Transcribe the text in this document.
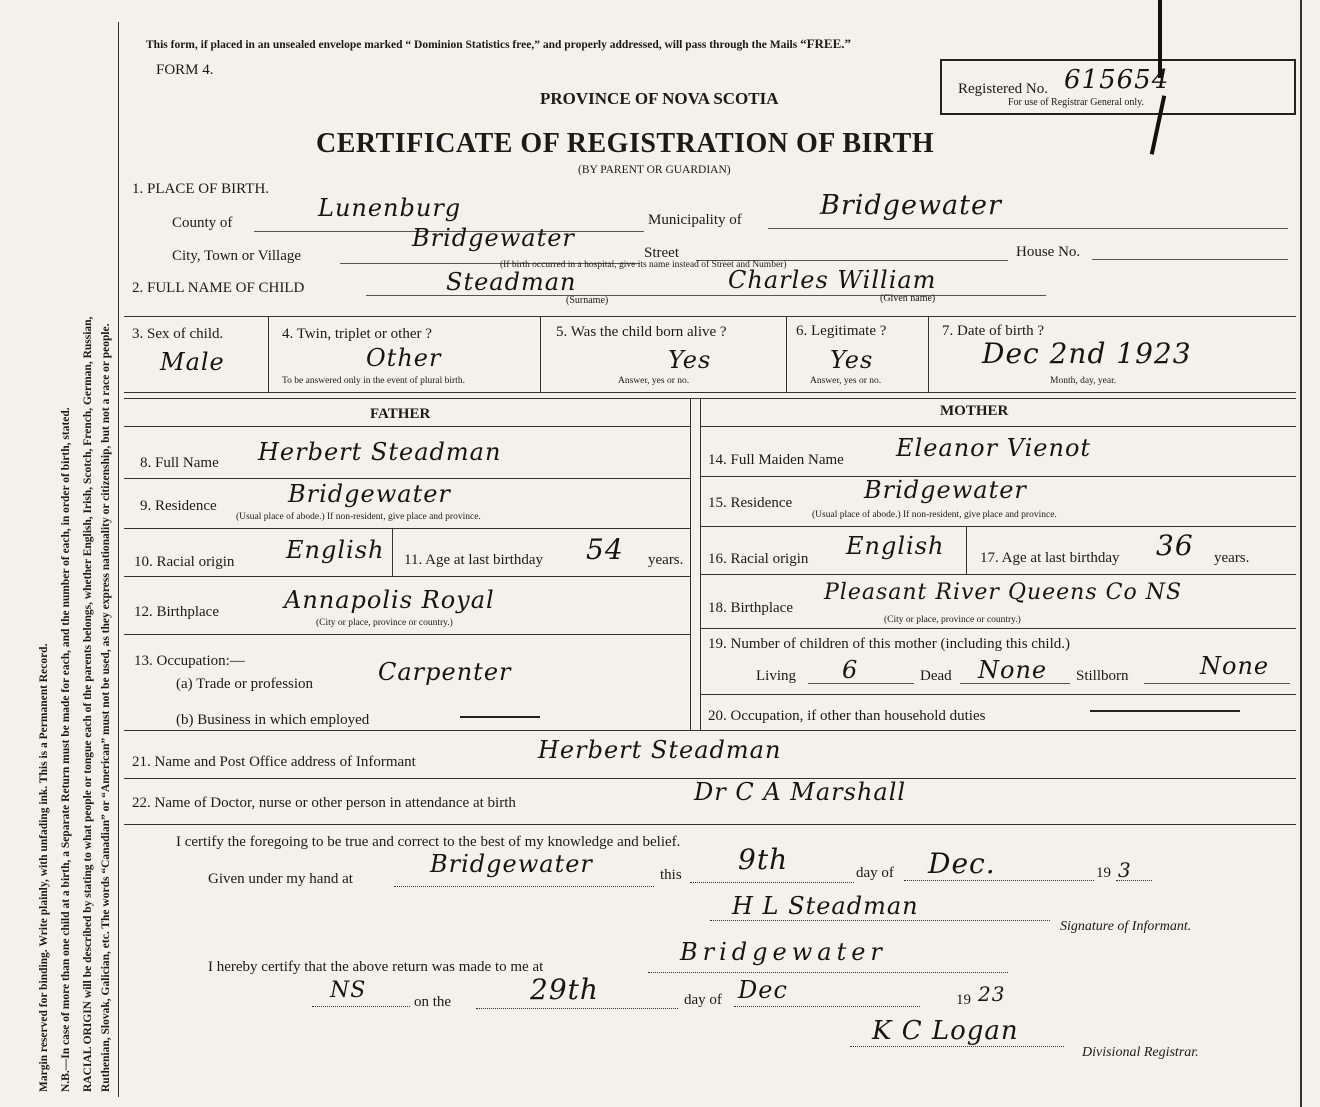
Margin reserved for binding. Write plainly, with unfading ink. This is a Permanent Record. N.B.—In case of more than one child at a birth, a Separate Return must be made for each, and the number of each, in order of birth, stated. RACIAL ORIGIN will be described by stating to what people or tongue each of the parents belongs, whether English, Irish, Scotch, French, German, Russian, Ruthenian, Slovak, Galician, etc. The words “Canadian” or “American” must not be used, as they express nationality or citizenship, but not a race or people.
This form, if placed in an unsealed envelope marked “ Dominion Statistics free,” and properly addressed, will pass through the Mails “FREE.”
FORM 4.
PROVINCE OF NOVA SCOTIA
CERTIFICATE OF REGISTRATION OF BIRTH
(BY PARENT OR GUARDIAN)
Registered No. 615654
For use of Registrar General only.
1. PLACE OF BIRTH.
County of
Lunenburg	Municipality of	Bridgewater
City, Town or Village
Bridgewater
Street	House No.
(If birth occurred in a hospital, give its name instead of Street and Number)
2. FULL NAME OF CHILD	Steadman
(Surname)
Charles William
(Given name)
3. Sex of child.
Male
4. Twin, triplet or other ?
Other
To be answered only in the event of plural birth.
5. Was the child born alive ?
Yes
Answer, yes or no.
6. Legitimate ?
Yes
Answer, yes or no.
7. Date of birth ?
Dec 2nd 1923
Month, day, year.
FATHER	MOTHER
8. Full Name Herbert Steadman
9. Residence	Bridgewater
(Usual place of abode.) If non-resident, give place and province.
10. Racial origin English 11. Age at last birthday 54 years.
12. Birthplace	Annapolis Royal
(City or place, province or country.)
13. Occupation:—
(a) Trade or profession	Carpenter
(b) Business in which employed
14. Full Maiden Name Eleanor Vienot
15. Residence	Bridgewater
(Usual place of abode.) If non-resident, give place and province.
16. Racial origin English 17. Age at last birthday 36 years.
18. Birthplace
Pleasant River Queens Co NS
(City or place, province or country.)
19. Number of children of this mother (including this child.)
Living 6	Dead None Stillborn	None
20. Occupation, if other than household duties
21. Name and Post Office address of Informant	Herbert Steadman
22. Name of Doctor, nurse or other person in attendance at birth	Dr C A Marshall
I certify the foregoing to be true and correct to the best of my knowledge and belief.
Given under my hand at
Bridgewater	this 9th	day of Dec.	19 3
H L Steadman
Signature of Informant.
I hereby certify that the above return was made to me at
Bridgewater
NS	on the	29th	day of Dec	19 23
K C Logan
Divisional Registrar.
